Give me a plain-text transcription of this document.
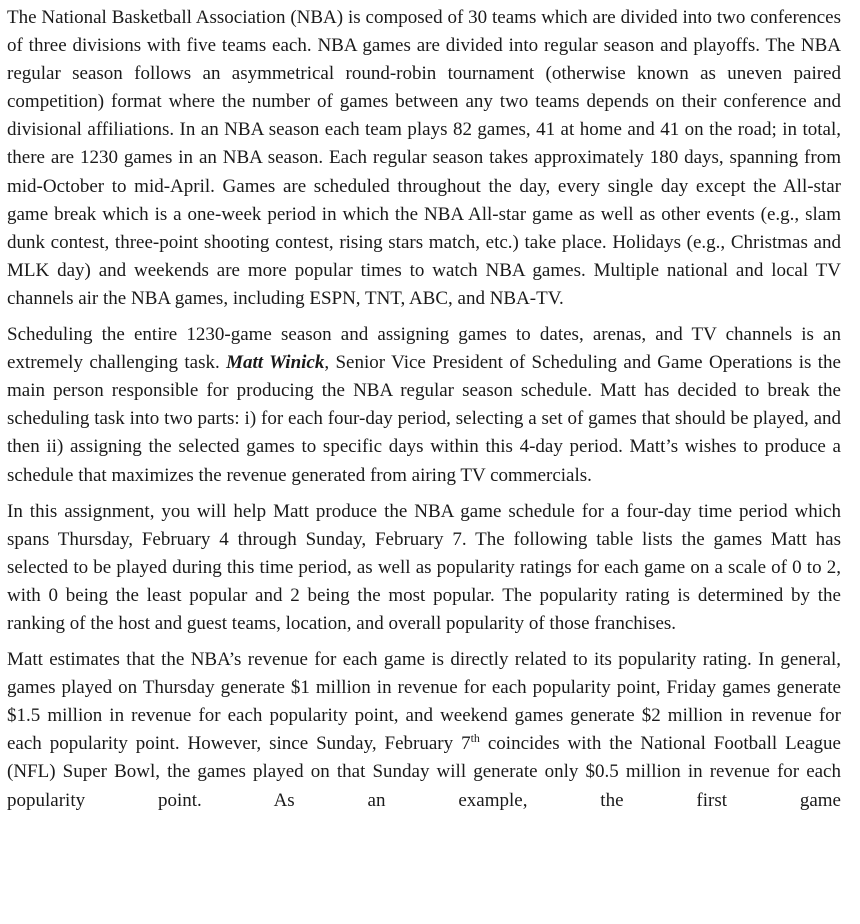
The National Basketball Association (NBA) is composed of 30 teams which are divided into two conferences of three divisions with five teams each. NBA games are divided into regular season and playoffs. The NBA regular season follows an asymmetrical round-robin tournament (otherwise known as uneven paired competition) format where the number of games between any two teams depends on their conference and divisional affiliations. In an NBA season each team plays 82 games, 41 at home and 41 on the road; in total, there are 1230 games in an NBA season. Each regular season takes approximately 180 days, spanning from mid-October to mid-April. Games are scheduled throughout the day, every single day except the All-star game break which is a one-week period in which the NBA All-star game as well as other events (e.g., slam dunk contest, three-point shooting contest, rising stars match, etc.) take place. Holidays (e.g., Christmas and MLK day) and weekends are more popular times to watch NBA games. Multiple national and local TV channels air the NBA games, including ESPN, TNT, ABC, and NBA-TV.

Scheduling the entire 1230-game season and assigning games to dates, arenas, and TV channels is an extremely challenging task. Matt Winick, Senior Vice President of Scheduling and Game Operations is the main person responsible for producing the NBA regular season schedule. Matt has decided to break the scheduling task into two parts: i) for each four-day period, selecting a set of games that should be played, and then ii) assigning the selected games to specific days within this 4-day period. Matt’s wishes to produce a schedule that maximizes the revenue generated from airing TV commercials.

In this assignment, you will help Matt produce the NBA game schedule for a four-day time period which spans Thursday, February 4 through Sunday, February 7. The following table lists the games Matt has selected to be played during this time period, as well as popularity ratings for each game on a scale of 0 to 2, with 0 being the least popular and 2 being the most popular. The popularity rating is determined by the ranking of the host and guest teams, location, and overall popularity of those franchises.

Matt estimates that the NBA’s revenue for each game is directly related to its popularity rating. In general, games played on Thursday generate $1 million in revenue for each popularity point, Friday games generate $1.5 million in revenue for each popularity point, and weekend games generate $2 million in revenue for each popularity point. However, since Sunday, February 7th coincides with the National Football League (NFL) Super Bowl, the games played on that Sunday will generate only $0.5 million in revenue for each popularity point. As an example, the first game
